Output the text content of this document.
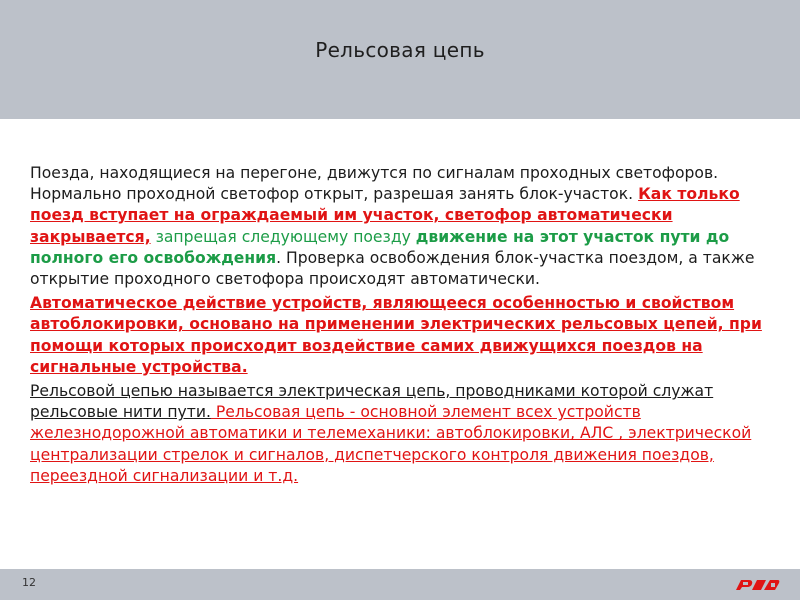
Рельсовая цепь

Поезда, находящиеся на перегоне, движутся по сигналам проходных светофоров. Нормально проходной светофор открыт, разрешая занять блок-участок. Как только поезд вступает на ограждаемый им участок, светофор автоматически закрывается, запрещая следующему поезду движение на этот участок пути до полного его освобождения. Проверка освобождения блок-участка поездом, а также открытие проходного светофора происходят автоматически.

Автоматическое действие устройств, являющееся особенностью и свойством автоблокировки, основано на применении электрических рельсовых цепей, при помощи которых происходит воздействие самих движущихся поездов на сигнальные устройства.

Рельсовой цепью называется электрическая цепь, проводниками которой служат рельсовые нити пути. Рельсовая цепь - основной элемент всех устройств железнодорожной автоматики и телемеханики: автоблокировки, АЛС , электрической централизации стрелок и сигналов, диспетчерского контроля движения поездов, переездной сигнализации и т.д.

12
